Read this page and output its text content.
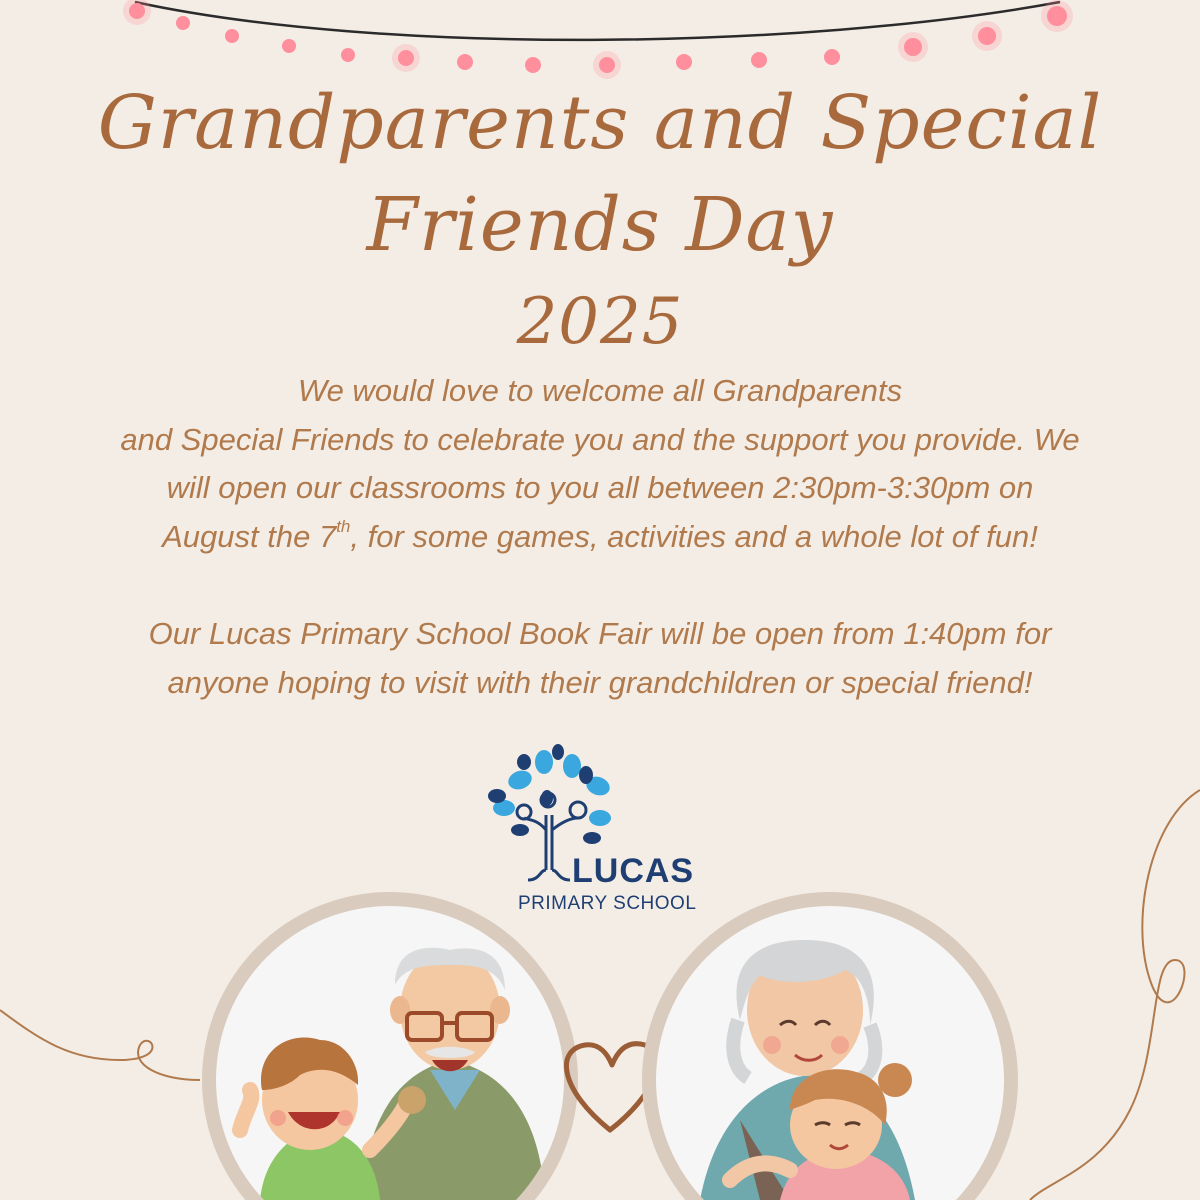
Grandparents and Special
Friends Day
2025
We would love to welcome all Grandparents
and Special Friends to celebrate you and the support you provide. We
will open our classrooms to you all between 2:30pm-3:30pm on
August the 7th, for some games, activities and a whole lot of fun!
Our Lucas Primary School Book Fair will be open from 1:40pm for
anyone hoping to visit with their grandchildren or special friend!
LUCAS
PRIMARY SCHOOL
